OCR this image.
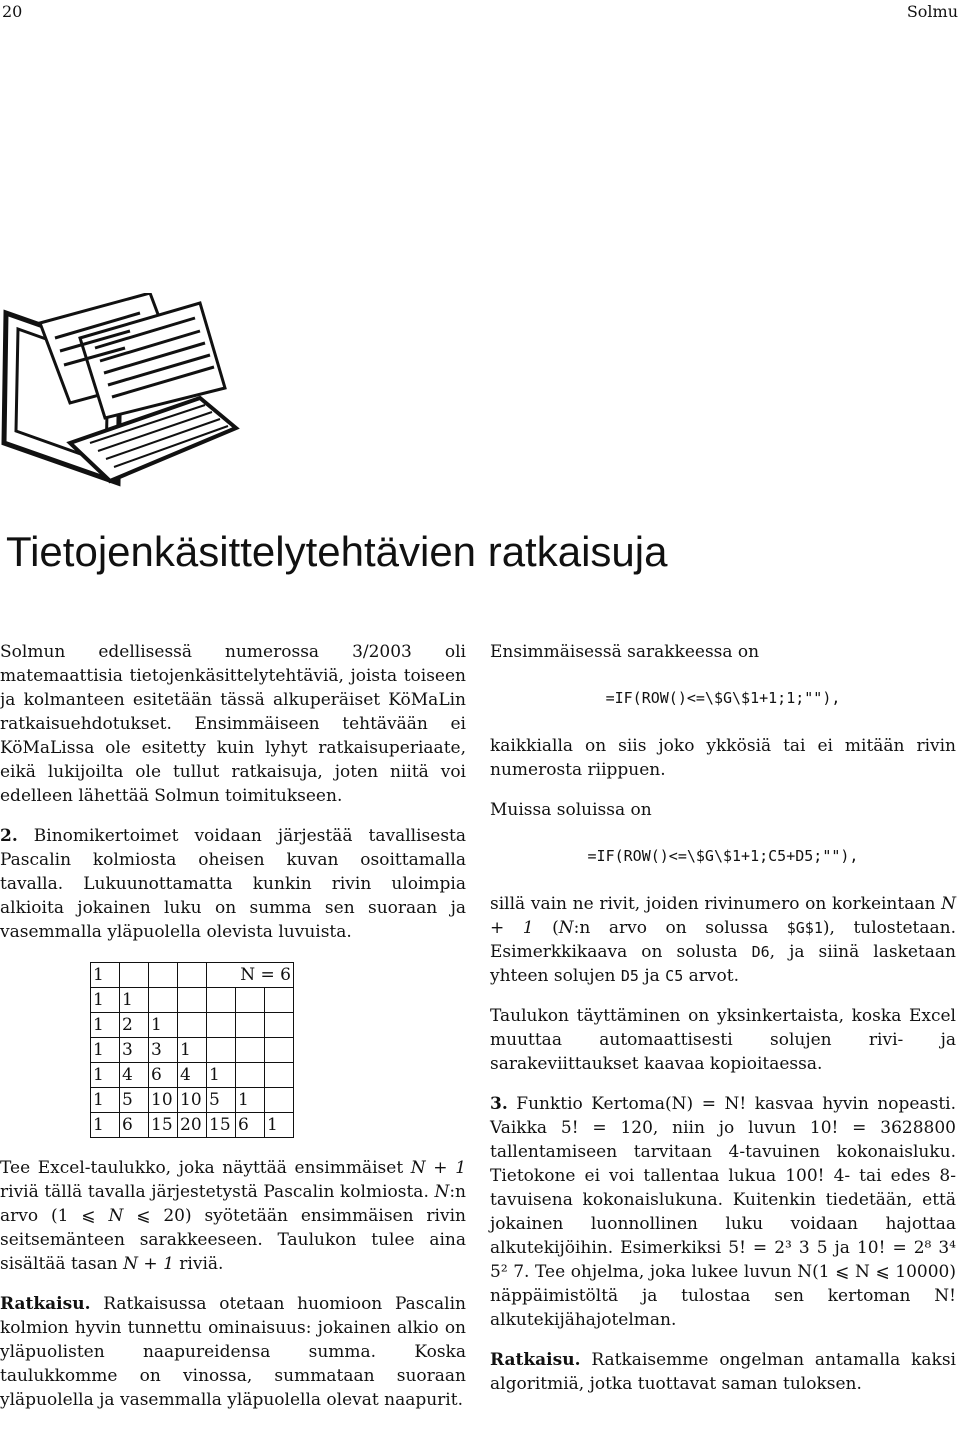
20	Solmu
Tietojenkäsittelytehtävien ratkaisuja

Solmun edellisessä numerossa 3/2003 oli matemaattisia tietojenkäsittelytehtäviä, joista toiseen ja kolmanteen esitetään tässä alkuperäiset KöMaLin ratkaisuehdotukset. Ensimmäiseen tehtävään ei KöMaLissa ole esitetty kuin lyhyt ratkaisuperiaate, eikä lukijoilta ole tullut ratkaisuja, joten niitä voi edelleen lähettää Solmun toimitukseen.

2. Binomikertoimet voidaan järjestää tavallisesta Pascalin kolmiosta oheisen kuvan osoittamalla tavalla. Lukuunottamatta kunkin rivin uloimpia alkioita jokainen luku on summa sen suoraan ja vasemmalla yläpuolella olevista luvuista.

1				N = 6		
1	1					
1	2	1				
1	3	3	1			
1	4	6	4	1		
1	5	10	10	5	1	
1	6	15	20	15	6	1

Tee Excel-taulukko, joka näyttää ensimmäiset N + 1 riviä tällä tavalla järjestetystä Pascalin kolmiosta. N:n arvo (1 ⩽ N ⩽ 20) syötetään ensimmäisen rivin seitsemänteen sarakkeeseen. Taulukon tulee aina sisältää tasan N + 1 riviä.

Ratkaisu. Ratkaisussa otetaan huomioon Pascalin kolmion hyvin tunnettu ominaisuus: jokainen alkio on yläpuolisten naapureidensa summa. Koska taulukkomme on vinossa, summataan suoraan yläpuolella ja vasemmalla yläpuolella olevat naapurit.

Ensimmäisessä sarakkeessa on

=IF(ROW()<=\$G\$1+1;1;""),

kaikkialla on siis joko ykkösiä tai ei mitään rivin numerosta riippuen.

Muissa soluissa on

=IF(ROW()<=\$G\$1+1;C5+D5;""),

sillä vain ne rivit, joiden rivinumero on korkeintaan N + 1 (N:n arvo on solussa $G$1), tulostetaan. Esimerkkikaava on solusta D6, ja siinä lasketaan yhteen solujen D5 ja C5 arvot.

Taulukon täyttäminen on yksinkertaista, koska Excel muuttaa automaattisesti solujen rivi- ja sarakeviittaukset kaavaa kopioitaessa.

3. Funktio Kertoma(N) = N! kasvaa hyvin nopeasti. Vaikka 5! = 120, niin jo luvun 10! = 3628800 tallentamiseen tarvitaan 4-tavuinen kokonaisluku. Tietokone ei voi tallentaa lukua 100! 4- tai edes 8-tavuisena kokonaislukuna. Kuitenkin tiedetään, että jokainen luonnollinen luku voidaan hajottaa alkutekijöihin. Esimerkiksi 5! = 2³ 3 5 ja 10! = 2⁸ 3⁴ 5² 7. Tee ohjelma, joka lukee luvun N(1 ⩽ N ⩽ 10000) näppäimistöltä ja tulostaa sen kertoman N! alkutekijähajotelman.

Ratkaisu. Ratkaisemme ongelman antamalla kaksi algoritmiä, jotka tuottavat saman tuloksen.
